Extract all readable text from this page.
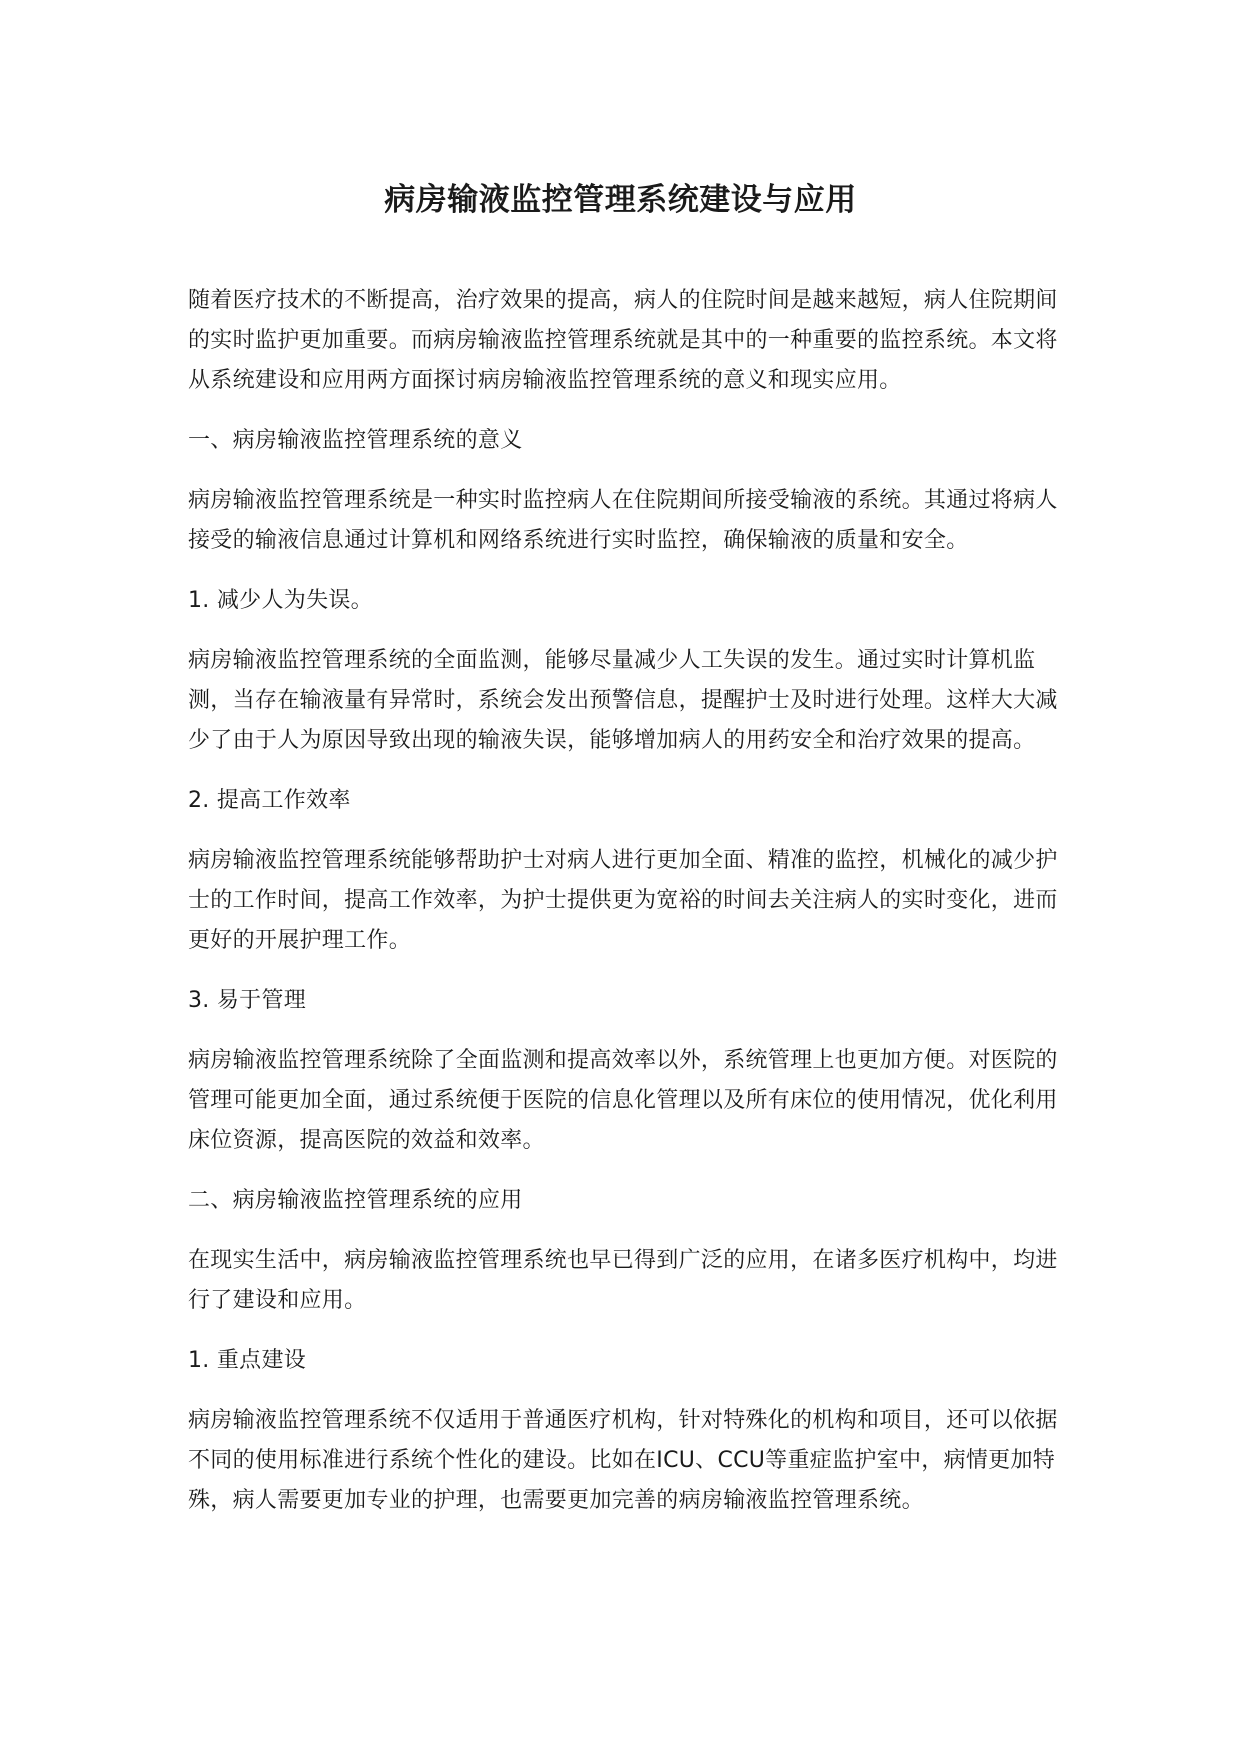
病房输液监控管理系统建设与应用

随着医疗技术的不断提高，治疗效果的提高，病人的住院时间是越来越短，病人住院期间的实时监护更加重要。而病房输液监控管理系统就是其中的一种重要的监控系统。本文将从系统建设和应用两方面探讨病房输液监控管理系统的意义和现实应用。

一、病房输液监控管理系统的意义

病房输液监控管理系统是一种实时监控病人在住院期间所接受输液的系统。其通过将病人接受的输液信息通过计算机和网络系统进行实时监控，确保输液的质量和安全。

1. 减少人为失误。

病房输液监控管理系统的全面监测，能够尽量减少人工失误的发生。通过实时计算机监测，当存在输液量有异常时，系统会发出预警信息，提醒护士及时进行处理。这样大大减少了由于人为原因导致出现的输液失误，能够增加病人的用药安全和治疗效果的提高。

2. 提高工作效率

病房输液监控管理系统能够帮助护士对病人进行更加全面、精准的监控，机械化的减少护士的工作时间，提高工作效率，为护士提供更为宽裕的时间去关注病人的实时变化，进而更好的开展护理工作。

3. 易于管理

病房输液监控管理系统除了全面监测和提高效率以外，系统管理上也更加方便。对医院的管理可能更加全面，通过系统便于医院的信息化管理以及所有床位的使用情况，优化利用床位资源，提高医院的效益和效率。

二、病房输液监控管理系统的应用

在现实生活中，病房输液监控管理系统也早已得到广泛的应用，在诸多医疗机构中，均进行了建设和应用。

1. 重点建设

病房输液监控管理系统不仅适用于普通医疗机构，针对特殊化的机构和项目，还可以依据不同的使用标准进行系统个性化的建设。比如在ICU、CCU等重症监护室中，病情更加特殊，病人需要更加专业的护理，也需要更加完善的病房输液监控管理系统。
